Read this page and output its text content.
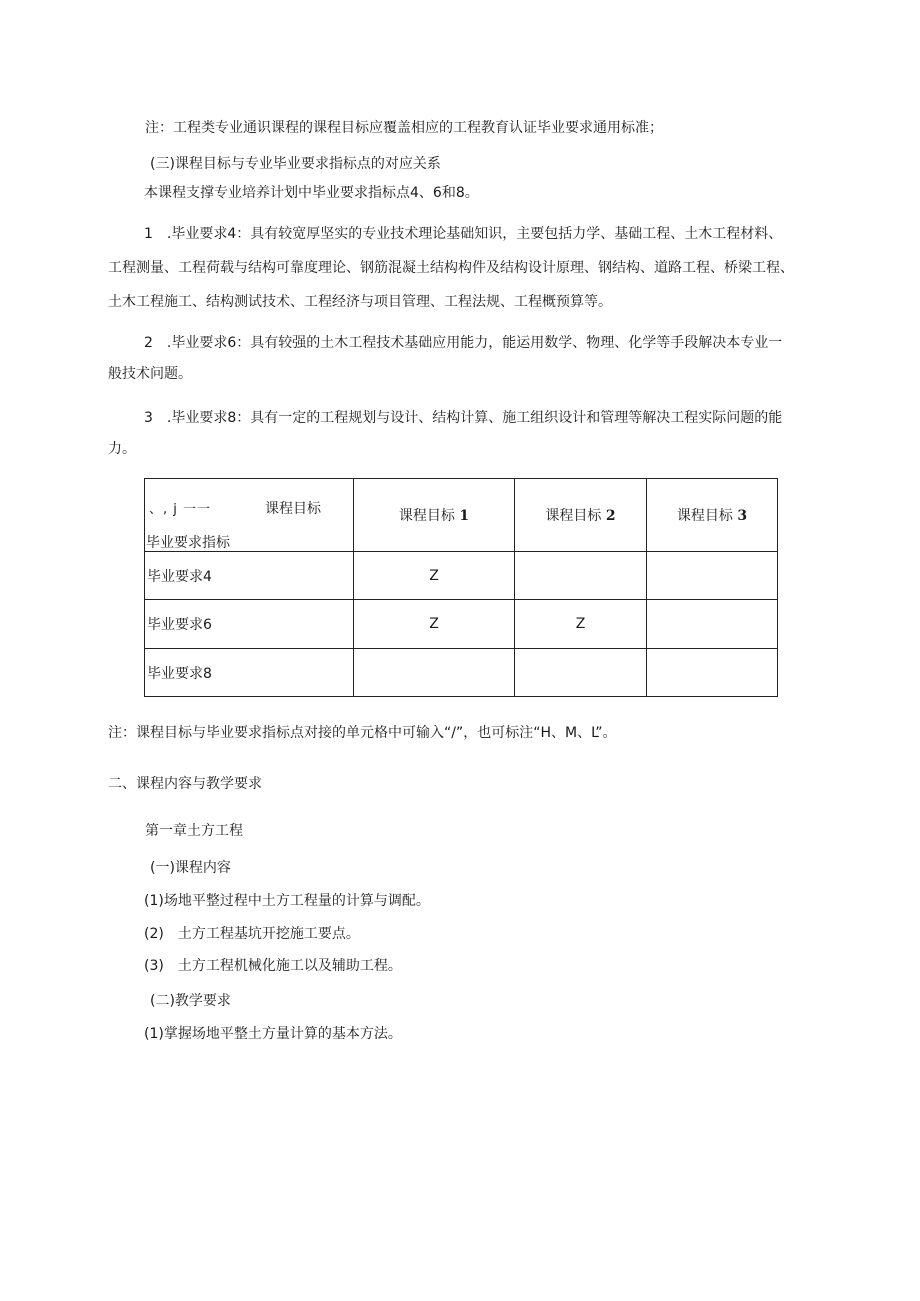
注：工程类专业通识课程的课程目标应覆盖相应的工程教育认证毕业要求通用标准；
(三)课程目标与专业毕业要求指标点的对应关系
本课程支撑专业培养计划中毕业要求指标点4、6和8。
1　.毕业要求4：具有较宽厚坚实的专业技术理论基础知识，主要包括力学、基础工程、土木工程材料、
工程测量、工程荷载与结构可靠度理论、钢筋混凝土结构构件及结构设计原理、钢结构、道路工程、桥梁工程、
土木工程施工、结构测试技术、工程经济与项目管理、工程法规、工程概预算等。
2　.毕业要求6：具有较强的土木工程技术基础应用能力，能运用数学、物理、化学等手段解决本专业一
般技术问题。
3　.毕业要求8：具有一定的工程规划与设计、结构计算、施工组织设计和管理等解决工程实际问题的能
力。
、, j 一一 课程目标
毕业要求指标	课程目标 1	课程目标 2	课程目标 3
毕业要求4	Z		
毕业要求6	Z	Z	
毕业要求8			
注：课程目标与毕业要求指标点对接的单元格中可输入“/”，也可标注“H、M、L”。
二、课程内容与教学要求
第一章土方工程
(一)课程内容
(1)场地平整过程中土方工程量的计算与调配。
(2)　土方工程基坑开挖施工要点。
(3)　土方工程机械化施工以及辅助工程。
(二)教学要求
(1)掌握场地平整土方量计算的基本方法。
